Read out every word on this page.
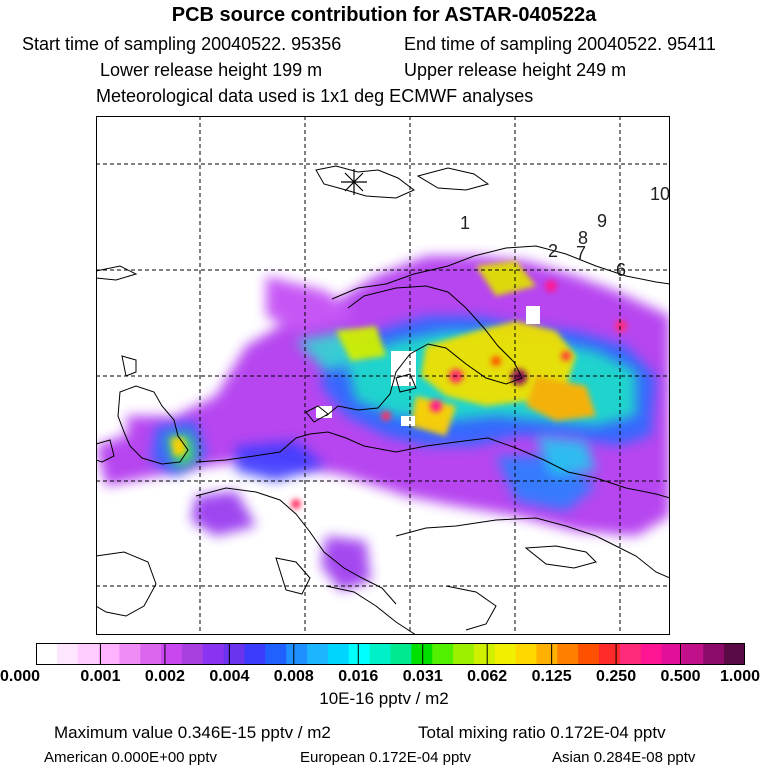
PCB source contribution for ASTAR-040522a
Start time of sampling 20040522. 95356	End time of sampling 20040522. 95411
Lower release height 199 m	Upper release height 249 m
Meteorological data used is 1x1 deg ECMWF analyses
1
2 7
8
9
6
10
0.000	0.001 0.002 0.004 0.008 0.016 0.031 0.062 0.125 0.250 0.500 1.000
10E-16 pptv / m2
Maximum value 0.346E-15 pptv / m2	Total mixing ratio 0.172E-04 pptv
American 0.000E+00 pptv	European 0.172E-04 pptv	Asian 0.284E-08 pptv
